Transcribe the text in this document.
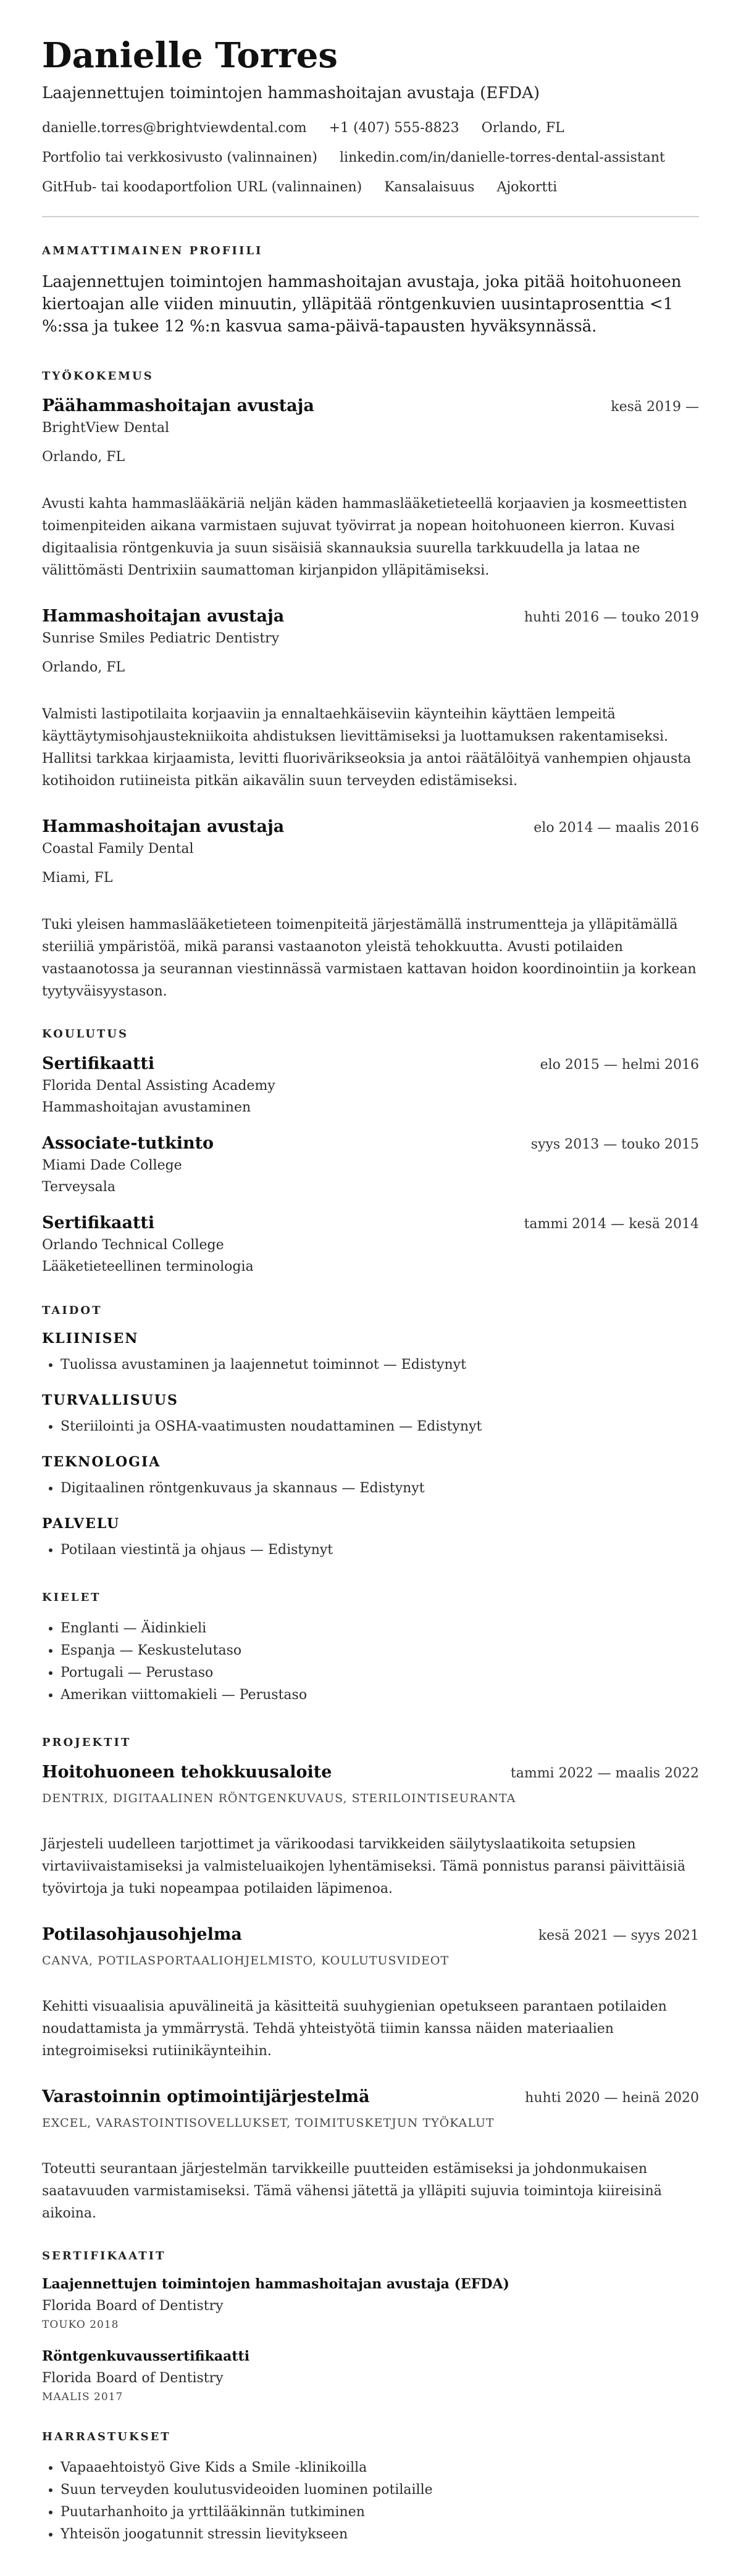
Danielle Torres
Laajennettujen toimintojen hammashoitajan avustaja (EFDA)
danielle.torres@brightviewdental.com +1 (407) 555-8823 Orlando, FL
Portfolio tai verkkosivusto (valinnainen) linkedin.com/in/danielle-torres-dental-assistant
GitHub- tai koodaportfolion URL (valinnainen) Kansalaisuus Ajokortti
AMMATTIMAINEN PROFIILI
Laajennettujen toimintojen hammashoitajan avustaja, joka pitää hoitohuoneen kiertoajan alle viiden minuutin, ylläpitää röntgenkuvien uusintaprosenttia <1 %:ssa ja tukee 12 %:n kasvua sama-päivä-tapausten hyväksynnässä.
TYÖKOKEMUS
Päähammashoitajan avustaja	kesä 2019 —
BrightView Dental
Orlando, FL
Avusti kahta hammaslääkäriä neljän käden hammaslääketieteellä korjaavien ja kosmeettisten toimenpiteiden aikana varmistaen sujuvat työvirrat ja nopean hoitohuoneen kierron. Kuvasi digitaalisia röntgenkuvia ja suun sisäisiä skannauksia suurella tarkkuudella ja lataa ne välittömästi Dentrixiin saumattoman kirjanpidon ylläpitämiseksi.
Hammashoitajan avustaja	huhti 2016 — touko 2019
Sunrise Smiles Pediatric Dentistry
Orlando, FL
Valmisti lastipotilaita korjaaviin ja ennaltaehkäiseviin käynteihin käyttäen lempeitä käyttäytymisohjaustekniikoita ahdistuksen lievittämiseksi ja luottamuksen rakentamiseksi. Hallitsi tarkkaa kirjaamista, levitti fluorivärikseoksia ja antoi räätälöityä vanhempien ohjausta kotihoidon rutiineista pitkän aikavälin suun terveyden edistämiseksi.
Hammashoitajan avustaja	elo 2014 — maalis 2016
Coastal Family Dental
Miami, FL
Tuki yleisen hammaslääketieteen toimenpiteitä järjestämällä instrumentteja ja ylläpitämällä steriiliä ympäristöä, mikä paransi vastaanoton yleistä tehokkuutta. Avusti potilaiden vastaanotossa ja seurannan viestinnässä varmistaen kattavan hoidon koordinointiin ja korkean tyytyväisyystason.
KOULUTUS
Sertifikaatti	elo 2015 — helmi 2016
Florida Dental Assisting Academy
Hammashoitajan avustaminen
Associate-tutkinto	syys 2013 — touko 2015
Miami Dade College
Terveysala
Sertifikaatti	tammi 2014 — kesä 2014
Orlando Technical College
Lääketieteellinen terminologia
TAIDOT
KLIINISEN
• Tuolissa avustaminen ja laajennetut toiminnot — Edistynyt
TURVALLISUUS
• Steriilointi ja OSHA-vaatimusten noudattaminen — Edistynyt
TEKNOLOGIA
• Digitaalinen röntgenkuvaus ja skannaus — Edistynyt
PALVELU
• Potilaan viestintä ja ohjaus — Edistynyt
KIELET
• Englanti — Äidinkieli
• Espanja — Keskustelutaso
• Portugali — Perustaso
• Amerikan viittomakieli — Perustaso
PROJEKTIT
Hoitohuoneen tehokkuusaloite	tammi 2022 — maalis 2022
DENTRIX, DIGITAALINEN RÖNTGENKUVAUS, STERILOINTISEURANTA
Järjesteli uudelleen tarjottimet ja värikoodasi tarvikkeiden säilytyslaatikoita setupsien virtaviivaistamiseksi ja valmisteluaikojen lyhentämiseksi. Tämä ponnistus paransi päivittäisiä työvirtoja ja tuki nopeampaa potilaiden läpimenoa.
Potilasohjausohjelma	kesä 2021 — syys 2021
CANVA, POTILASPORTAALIOHJELMISTO, KOULUTUSVIDEOT
Kehitti visuaalisia apuvälineitä ja käsitteitä suuhygienian opetukseen parantaen potilaiden noudattamista ja ymmärrystä. Tehdä yhteistyötä tiimin kanssa näiden materiaalien integroimiseksi rutiinikäynteihin.
Varastoinnin optimointijärjestelmä	huhti 2020 — heinä 2020
EXCEL, VARASTOINTISOVELLUKSET, TOIMITUSKETJUN TYÖKALUT
Toteutti seurantaan järjestelmän tarvikkeille puutteiden estämiseksi ja johdonmukaisen saatavuuden varmistamiseksi. Tämä vähensi jätettä ja ylläpiti sujuvia toimintoja kiireisinä aikoina.
SERTIFIKAATIT
Laajennettujen toimintojen hammashoitajan avustaja (EFDA)
Florida Board of Dentistry
TOUKO 2018
Röntgenkuvaussertifikaatti
Florida Board of Dentistry
MAALIS 2017
HARRASTUKSET
• Vapaaehtoistyö Give Kids a Smile -klinikoilla
• Suun terveyden koulutusvideoiden luominen potilaille
• Puutarhanhoito ja yrttilääkinnän tutkiminen
• Yhteisön joogatunnit stressin lievitykseen
